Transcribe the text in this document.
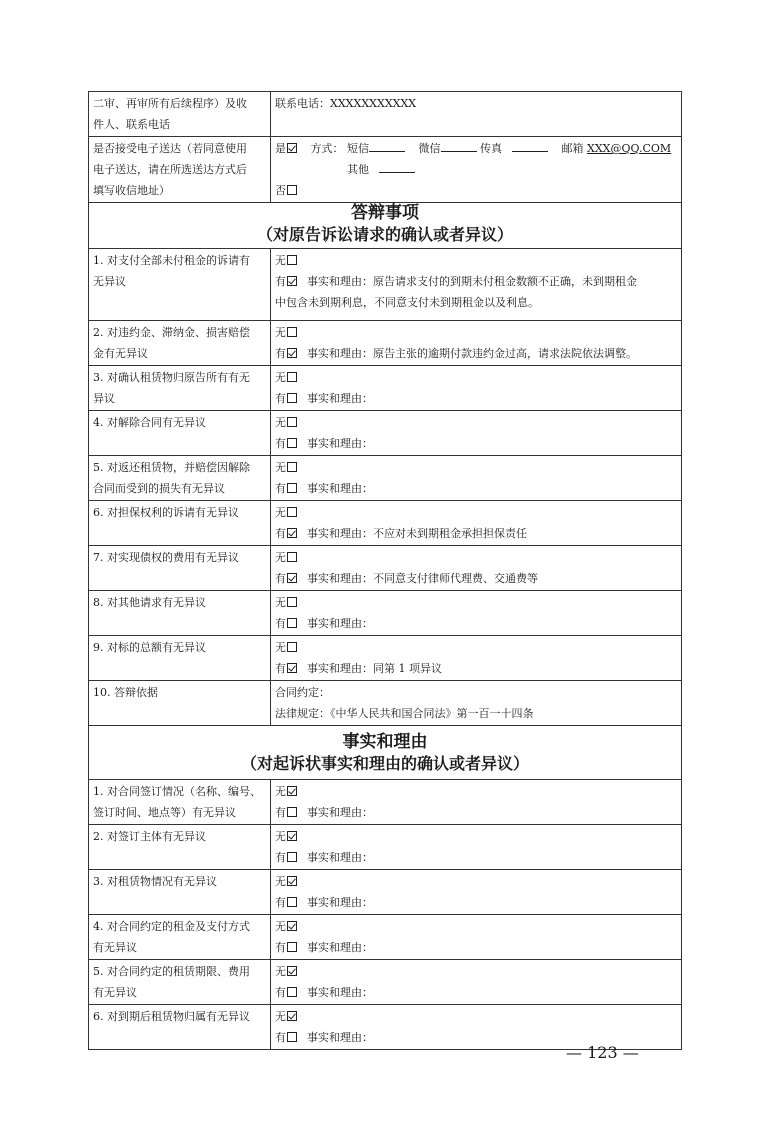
二审、再审所有后续程序）及收
件人、联系电话	联系电话：XXXXXXXXXXX

是否接受电子送达（若同意使用
电子送达，请在所选送达方式后
填写收信地址）	是 方式： 短信 微信 传真 邮箱 XXX@QQ.COM
其他
否

答辩事项
（对原告诉讼请求的确认或者异议）	

1. 对支付全部未付租金的诉请有
无异议	无
有 事实和理由：原告请求支付的到期未付租金数额不正确，未到期租金
中包含未到期利息，不同意支付未到期租金以及利息。

2. 对违约金、滞纳金、损害赔偿
金有无异议	无
有 事实和理由：原告主张的逾期付款违约金过高，请求法院依法调整。

3. 对确认租赁物归原告所有有无
异议	无
有 事实和理由：

4. 对解除合同有无异议	无
有 事实和理由：

5. 对返还租赁物，并赔偿因解除
合同而受到的损失有无异议	无
有 事实和理由：

6. 对担保权利的诉请有无异议	无
有 事实和理由：不应对未到期租金承担担保责任

7. 对实现债权的费用有无异议	无
有 事实和理由：不同意支付律师代理费、交通费等

8. 对其他请求有无异议	无
有 事实和理由：

9. 对标的总额有无异议	无
有 事实和理由：同第 1 项异议

10. 答辩依据	合同约定：
法律规定：《中华人民共和国合同法》第一百一十四条

事实和理由
（对起诉状事实和理由的确认或者异议）	

1. 对合同签订情况（名称、编号、
签订时间、地点等）有无异议	无
有 事实和理由：

2. 对签订主体有无异议	无
有 事实和理由：

3. 对租赁物情况有无异议	无
有 事实和理由：

4. 对合同约定的租金及支付方式
有无异议	无
有 事实和理由：

5. 对合同约定的租赁期限、费用
有无异议	无
有 事实和理由：

6. 对到期后租赁物归属有无异议	无
有 事实和理由：
— 123 —
